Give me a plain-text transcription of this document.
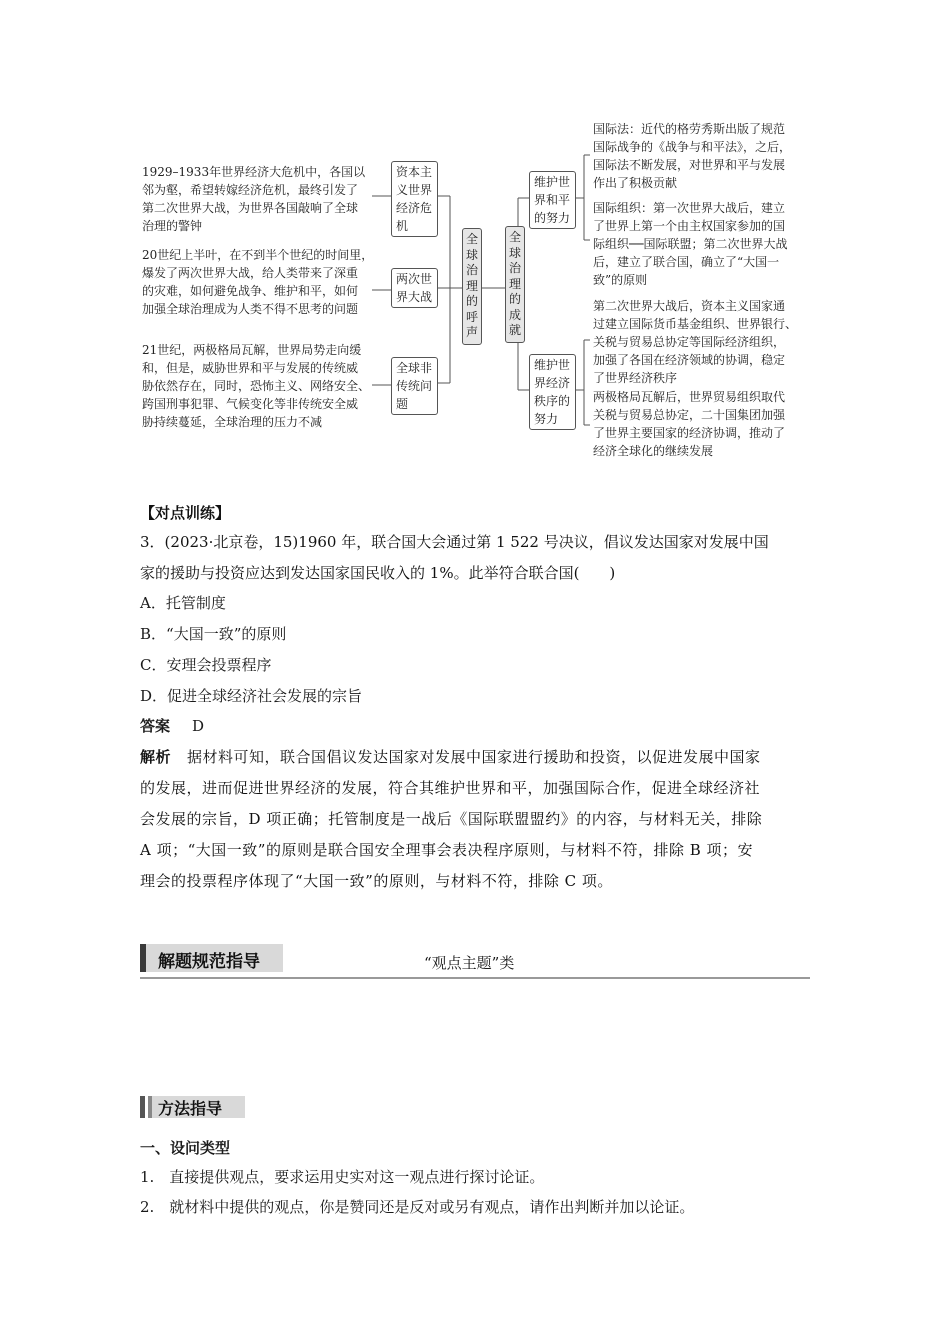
1929–1933年世界经济大危机中，各国以
邻为壑，希望转嫁经济危机，最终引发了
第二次世界大战，为世界各国敲响了全球
治理的警钟
20世纪上半叶，在不到半个世纪的时间里，
爆发了两次世界大战，给人类带来了深重
的灾难，如何避免战争、维护和平，如何
加强全球治理成为人类不得不思考的问题
21世纪，两极格局瓦解，世界局势走向缓
和，但是，威胁世界和平与发展的传统威
胁依然存在，同时，恐怖主义、网络安全、
跨国刑事犯罪、气候变化等非传统安全威
胁持续蔓延，全球治理的压力不减
资本主
义世界
经济危
机
两次世
界大战
全球非
传统问
题
全
球
治
理
的
呼
声
全
球
治
理
的
成
就
维护世
界和平
的努力
维护世
界经济
秩序的
努力
国际法：近代的格劳秀斯出版了规范
国际战争的《战争与和平法》，之后，
国际法不断发展，对世界和平与发展
作出了积极贡献
国际组织：第一次世界大战后，建立
了世界上第一个由主权国家参加的国
际组织──国际联盟；第二次世界大战
后，建立了联合国，确立了“大国一
致”的原则
第二次世界大战后，资本主义国家通
过建立国际货币基金组织、世界银行、
关税与贸易总协定等国际经济组织，
加强了各国在经济领域的协调，稳定
了世界经济秩序
两极格局瓦解后，世界贸易组织取代
关税与贸易总协定，二十国集团加强
了世界主要国家的经济协调，推动了
经济全球化的继续发展
【对点训练】
3．(2023·北京卷，15)1960 年，联合国大会通过第 1 522 号决议，倡议发达国家对发展中国
家的援助与投资应达到发达国家国民收入的 1%。此举符合联合国(　　)
A．托管制度
B．“大国一致”的原则
C．安理会投票程序
D．促进全球经济社会发展的宗旨
答案 D
解析 据材料可知，联合国倡议发达国家对发展中国家进行援助和投资，以促进发展中国家
的发展，进而促进世界经济的发展，符合其维护世界和平，加强国际合作，促进全球经济社
会发展的宗旨，D 项正确；托管制度是一战后《国际联盟盟约》的内容，与材料无关，排除
A 项；“大国一致”的原则是联合国安全理事会表决程序原则，与材料不符，排除 B 项；安
理会的投票程序体现了“大国一致”的原则，与材料不符，排除 C 项。
解题规范指导	“观点主题”类
方法指导
一、设问类型
1.　直接提供观点，要求运用史实对这一观点进行探讨论证。
2.　就材料中提供的观点，你是赞同还是反对或另有观点，请作出判断并加以论证。
